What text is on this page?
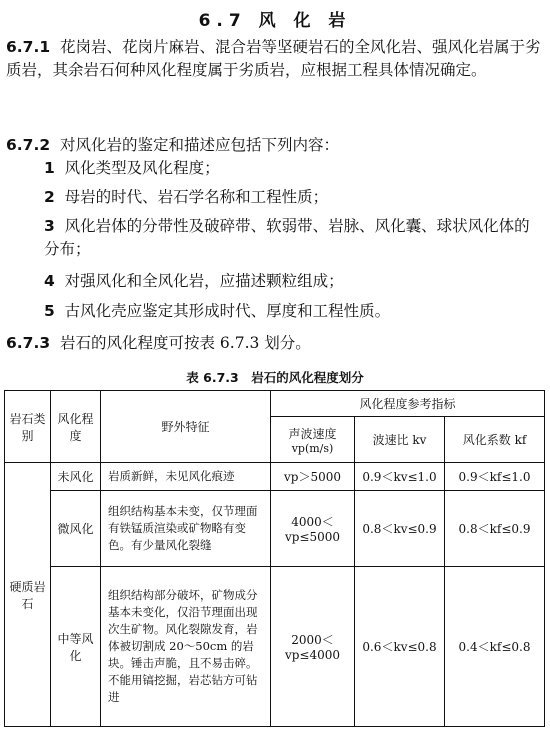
6.7 风 化 岩
6.7.1 花岗岩、花岗片麻岩、混合岩等坚硬岩石的全风化岩、强风化岩属于劣质岩，其余岩石何种风化程度属于劣质岩，应根据工程具体情况确定。
6.7.2 对风化岩的鉴定和描述应包括下列内容：
1 风化类型及风化程度；
2 母岩的时代、岩石学名称和工程性质；
3 风化岩体的分带性及破碎带、软弱带、岩脉、风化囊、球状风化体的分布；
4 对强风化和全风化岩，应描述颗粒组成；
5 古风化壳应鉴定其形成时代、厚度和工程性质。
6.7.3 岩石的风化程度可按表 6.7.3 划分。
表 6.7.3　岩石的风化程度划分
岩石类别	风化程度	野外特征	风化程度参考指标		

			声波速度
vp(m/s)	波速比 kv	风化系数 kf
硬质岩石	未风化	岩质新鲜，未见风化痕迹	vp＞5000	0.9＜kv≤1.0	0.9＜kf≤1.0
	微风化	组织结构基本未变，仅节理面有铁锰质渲染或矿物略有变色。有少量风化裂缝	4000＜vp≤5000	0.8＜kv≤0.9	0.8＜kf≤0.9
	中等风化	组织结构部分破坏，矿物成分基本未变化，仅沿节理面出现次生矿物。风化裂隙发育，岩体被切割成 20～50cm 的岩块。锤击声脆，且不易击碎。不能用镐挖掘，岩芯钻方可钻进	2000＜vp≤4000	0.6＜kv≤0.8	0.4＜kf≤0.8
